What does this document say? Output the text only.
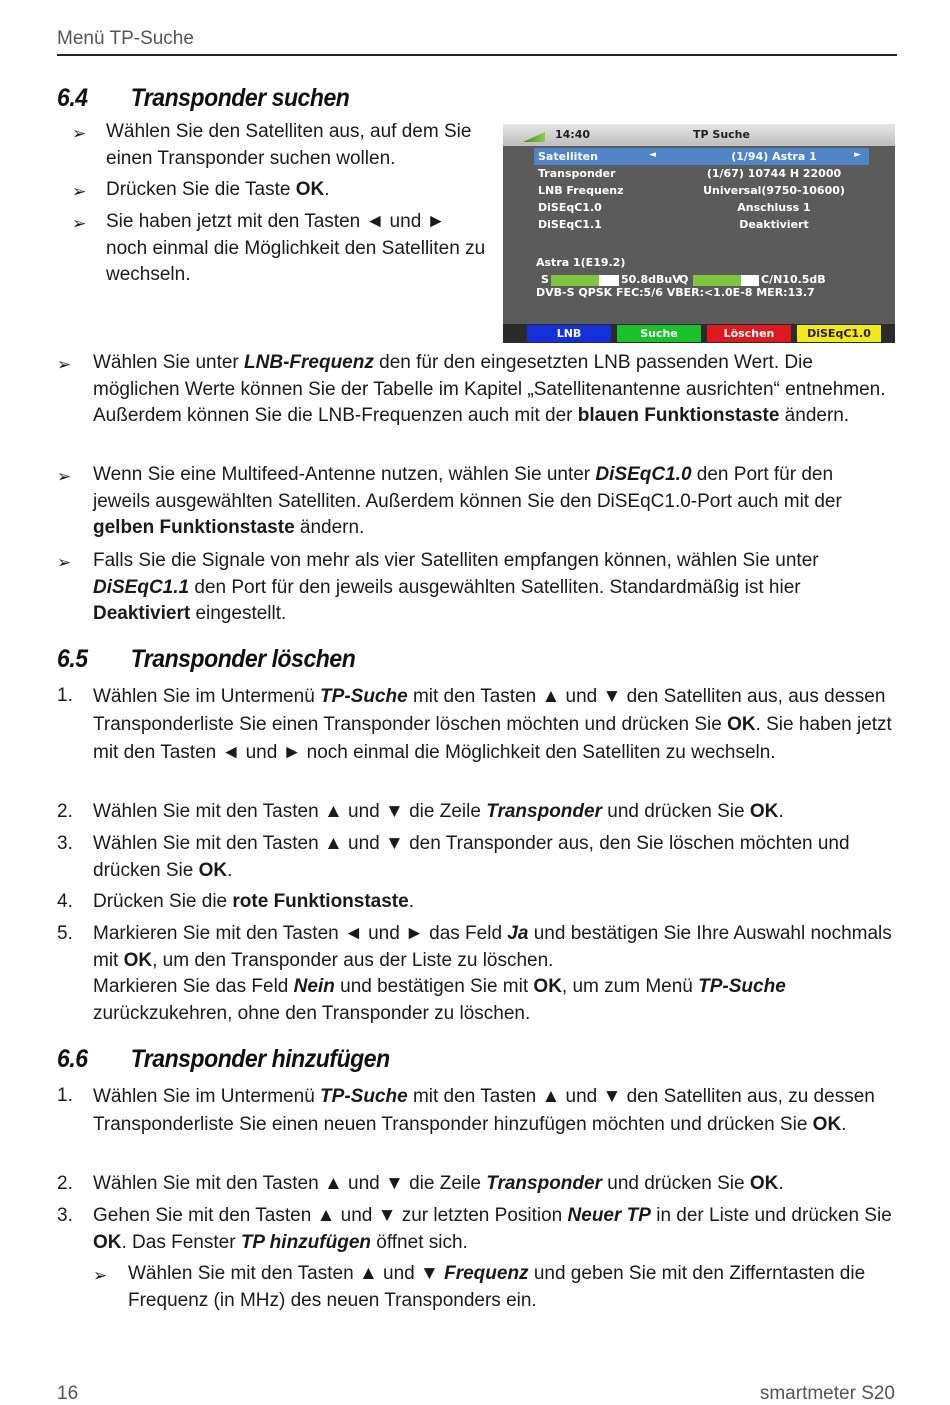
Menü TP-Suche
6.4 Transponder suchen
➢ Wählen Sie den Satelliten aus, auf dem Sie einen Transponder suchen wollen.
➢ Drücken Sie die Taste OK.
➢ Sie haben jetzt mit den Tasten ◄ und ► noch einmal die Möglichkeit den Satelliten zu wechseln.
14:40	TP Suche
Satelliten	◄	(1/94) Astra 1	►
Transponder	(1/67) 10744 H 22000
LNB Frequenz	Universal(9750-10600)
DiSEqC1.0	Anschluss 1
DiSEqC1.1	Deaktiviert
Astra 1(E19.2)
S	50.8dBuV
Q	C/N10.5dB
DVB-S QPSK FEC:5/6 VBER:<1.0E-8 MER:13.7
LNB	Suche	Löschen	DiSEqC1.0
➢ Wählen Sie unter LNB-Frequenz den für den eingesetzten LNB passenden Wert. Die möglichen Werte können Sie der Tabelle im Kapitel „Satellitenantenne ausrichten“ entnehmen. Außerdem können Sie die LNB-Frequenzen auch mit der blauen Funktionstaste ändern.
➢ Wenn Sie eine Multifeed-Antenne nutzen, wählen Sie unter DiSEqC1.0 den Port für den jeweils ausgewählten Satelliten. Außerdem können Sie den DiSEqC1.0-Port auch mit der gelben Funktionstaste ändern.
➢ Falls Sie die Signale von mehr als vier Satelliten empfangen können, wählen Sie unter DiSEqC1.1 den Port für den jeweils ausgewählten Satelliten. Standardmäßig ist hier Deaktiviert eingestellt.
6.5 Transponder löschen
1. Wählen Sie im Untermenü TP-Suche mit den Tasten ▲ und ▼ den Satelliten aus, aus dessen Transponderliste Sie einen Transponder löschen möchten und drücken Sie OK. Sie haben jetzt mit den Tasten ◄ und ► noch einmal die Möglichkeit den Satelliten zu wechseln.
2. Wählen Sie mit den Tasten ▲ und ▼ die Zeile Transponder und drücken Sie OK.
3. Wählen Sie mit den Tasten ▲ und ▼ den Transponder aus, den Sie löschen möchten und drücken Sie OK.
4. Drücken Sie die rote Funktionstaste.
5. Markieren Sie mit den Tasten ◄ und ► das Feld Ja und bestätigen Sie Ihre Auswahl nochmals mit OK, um den Transponder aus der Liste zu löschen.
Markieren Sie das Feld Nein und bestätigen Sie mit OK, um zum Menü TP-Suche zurückzukehren, ohne den Transponder zu löschen.
6.6 Transponder hinzufügen
1. Wählen Sie im Untermenü TP-Suche mit den Tasten ▲ und ▼ den Satelliten aus, zu dessen Transponderliste Sie einen neuen Transponder hinzufügen möchten und drücken Sie OK.
2. Wählen Sie mit den Tasten ▲ und ▼ die Zeile Transponder und drücken Sie OK.
3. Gehen Sie mit den Tasten ▲ und ▼ zur letzten Position Neuer TP in der Liste und drücken Sie OK. Das Fenster TP hinzufügen öffnet sich.
➢ Wählen Sie mit den Tasten ▲ und ▼ Frequenz und geben Sie mit den Zifferntasten die Frequenz (in MHz) des neuen Transponders ein.
16	smartmeter S20
